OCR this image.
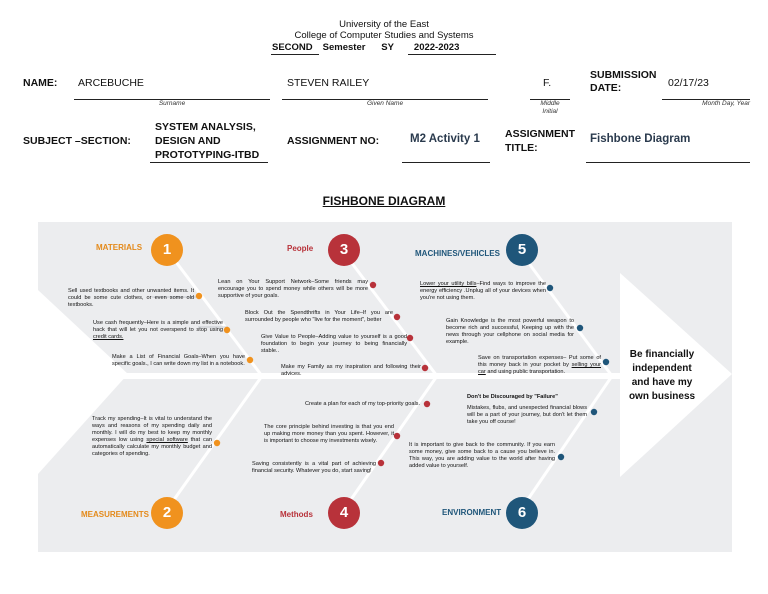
University of the East
College of Computer Studies and Systems
SECOND Semester SY 2022-2023
NAME: ARCEBUCHE
Surname
STEVEN RAILEY
Given Name
F.
Middle
Initial
SUBMISSION
DATE:	02/17/23
Month Day, Year
SUBJECT –SECTION:
SYSTEM ANALYSIS,
DESIGN AND
PROTOTYPING-ITBD
ASSIGNMENT NO:	M2 Activity 1 ASSIGNMENT
TITLE:
Fishbone Diagram
FISHBONE DIAGRAM
MATERIALS	1	People	3	MACHINES/VEHICLES	5
MEASUREMENTS 2	Methods	4	ENVIRONMENT	6
Be financially independent and have my own business
Sell used textbooks and other unwanted items. It could be some cute clothes, or even some old textbooks.
Use cash frequently–Here is a simple and effective hack that will let you not overspend to stop using credit cards.
Make a List of Financial Goals–When you have specific goals., I can write down my list in a notebook.
Track my spending–It is vital to understand the ways and reasons of my spending daily and monthly. I will do my best to keep my monthly expenses low using special software that can automatically calculate my monthly budget and categories of spending.
Lean on Your Support Network–Some friends may encourage you to spend money while others will be more supportive of your goals.
Block Out the Spendthrifts in Your Life–If you are surrounded by people who "live for the moment", better
Give Value to People–Adding value to yourself is a good foundation to begin your journey to being financially stable..
Make my Family as my inspiration and following their advices.
Create a plan for each of my top-priority goals.
The core principle behind investing is that you end up making more money than you spent. However, it is important to choose my investments wisely.
Saving consistently is a vital part of achieving financial security. Whatever you do, start saving!
Lower your utility bills–Find ways to improve the energy efficiency .Unplug all of your devices when you're not using them.
Gain Knowledge is the most powerful weapon to become rich and successful, Keeping up with the news through your cellphone on social media for example.
Save on transportation expenses– Put some of this money back in your pocket by selling your car and using public transportation.
Don't be Discouraged by "Failure"
Mistakes, flubs, and unexpected financial blows will be a part of your journey, but don't let them take you off course!
It is important to give back to the community. If you earn some money, give some back to a cause you believe in. This way, you are adding value to the world after having added value to yourself.
